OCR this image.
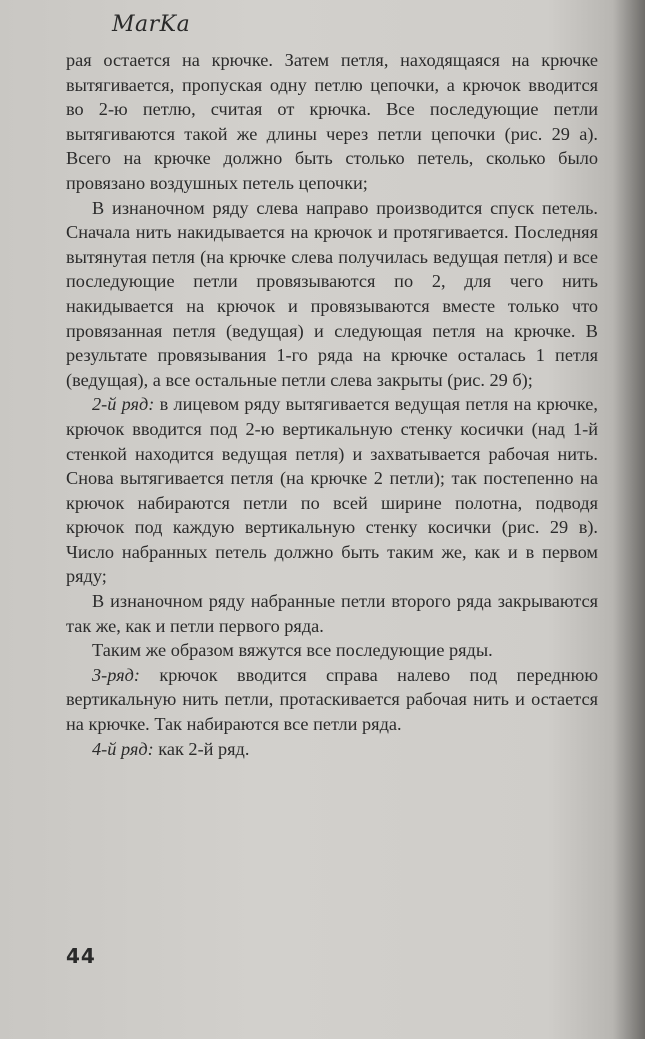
MarKa

рая остается на крючке. Затем петля, находящаяся на крючке вытягивается, пропуская одну петлю цепочки, а крючок вводится во 2-ю петлю, считая от крючка. Все последующие петли вытягиваются такой же длины через петли цепочки (рис. 29 а). Всего на крючке должно быть столько петель, сколько было провязано воздушных петель цепочки;

В изнаночном ряду слева направо производится спуск петель. Сначала нить накидывается на крючок и протягивается. Последняя вытянутая петля (на крючке слева получилась ведущая петля) и все последующие петли провязываются по 2, для чего нить накидывается на крючок и провязываются вместе только что провязанная петля (ведущая) и следующая петля на крючке. В результате провязывания 1-го ряда на крючке осталась 1 петля (ведущая), а все остальные петли слева закрыты (рис. 29 б);

2-й ряд: в лицевом ряду вытягивается ведущая петля на крючке, крючок вводится под 2-ю вертикальную стенку косички (над 1-й стенкой находится ведущая петля) и захватывается рабочая нить. Снова вытягивается петля (на крючке 2 петли); так постепенно на крючок набираются петли по всей ширине полотна, подводя крючок под каждую вертикальную стенку косички (рис. 29 в). Число набранных петель должно быть таким же, как и в первом ряду;

В изнаночном ряду набранные петли второго ряда закрываются так же, как и петли первого ряда.

Таким же образом вяжутся все последующие ряды.

3-ряд: крючок вводится справа налево под переднюю вертикальную нить петли, протаскивается рабочая нить и остается на крючке. Так набираются все петли ряда.

4-й ряд: как 2-й ряд.

44
